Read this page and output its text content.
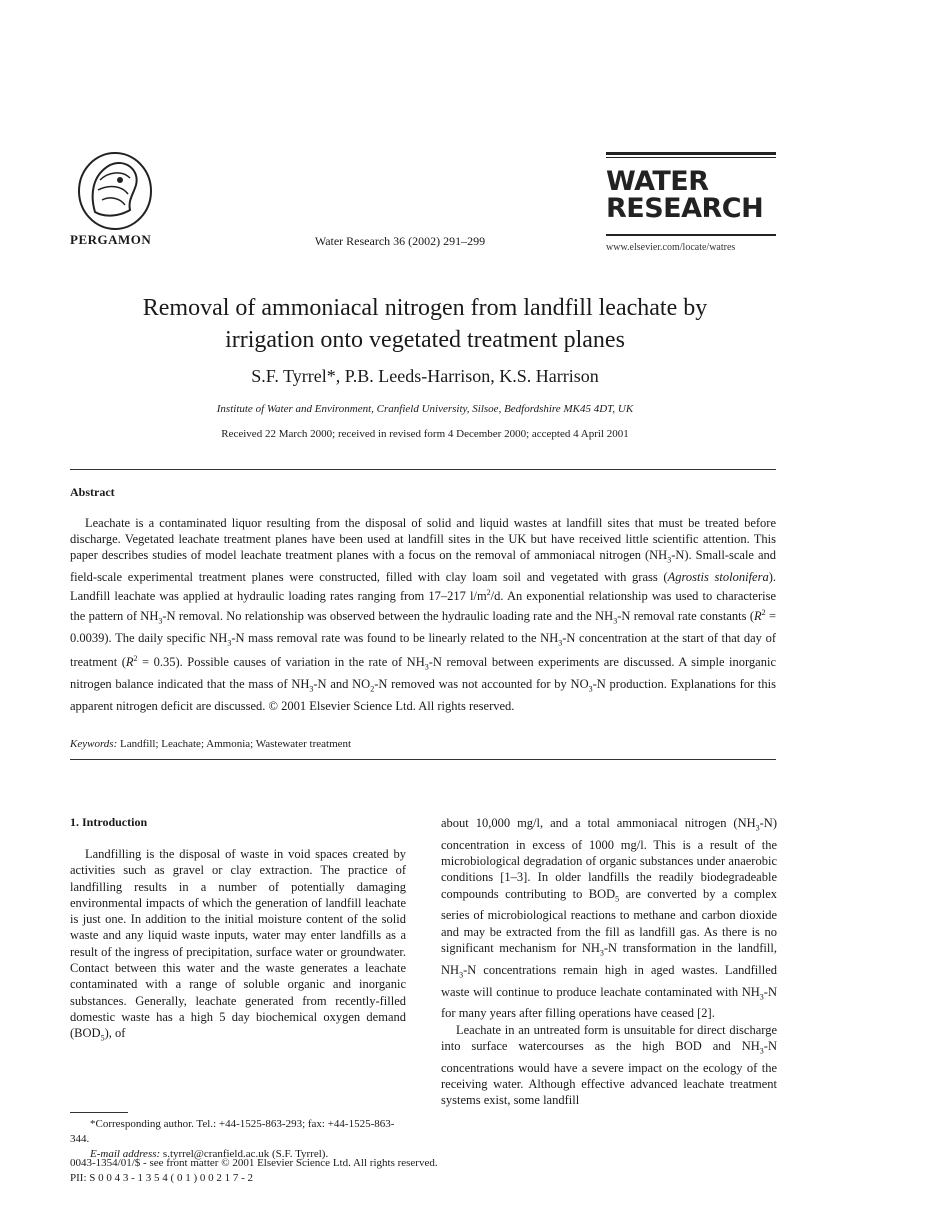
PERGAMON	Water Research 36 (2002) 291–299
WATER
RESEARCH
www.elsevier.com/locate/watres
Removal of ammoniacal nitrogen from landfill leachate by
irrigation onto vegetated treatment planes
S.F. Tyrrel*, P.B. Leeds-Harrison, K.S. Harrison
Institute of Water and Environment, Cranfield University, Silsoe, Bedfordshire MK45 4DT, UK
Received 22 March 2000; received in revised form 4 December 2000; accepted 4 April 2001
Abstract
Leachate is a contaminated liquor resulting from the disposal of solid and liquid wastes at landfill sites that must be treated before discharge. Vegetated leachate treatment planes have been used at landfill sites in the UK but have received little scientific attention. This paper describes studies of model leachate treatment planes with a focus on the removal of ammoniacal nitrogen $(NH_3-N)$. Small-scale and field-scale experimental treatment planes were constructed, filled with clay loam soil and vegetated with grass (Agrostis stolonifera). Landfill leachate was applied at hydraulic loading rates ranging from 17–217 $l/m^2/d$. An exponential relationship was used to characterise the pattern of $NH_3-N$ removal. No relationship was observed between the hydraulic loading rate and the $NH_3-N$ removal rate constants $(R^2 = 0.0039)$. The daily specific $NH_3-N$ mass removal rate was found to be linearly related to the $NH_3-N$ concentration at the start of that day of treatment $(R^2 = 0.35)$. Possible causes of variation in the rate of $NH_3-N$ removal between experiments are discussed. A simple inorganic nitrogen balance indicated that the mass of $NH_3-N$ and $NO_2-N$ removed was not accounted for by $NO_3-N$ production. Explanations for this apparent nitrogen deficit are discussed. © 2001 Elsevier Science Ltd. All rights reserved.
Keywords: Landfill; Leachate; Ammonia; Wastewater treatment
1. Introduction

Landfilling is the disposal of waste in void spaces created by activities such as gravel or clay extraction. The practice of landfilling results in a number of potentially damaging environmental impacts of which the generation of landfill leachate is just one. In addition to the initial moisture content of the solid waste and any liquid waste inputs, water may enter landfills as a result of the ingress of precipitation, surface water or groundwater. Contact between this water and the waste generates a leachate contaminated with a range of soluble organic and inorganic substances. Generally, leachate generated from recently-filled domestic waste has a high 5 day biochemical oxygen demand $(BOD_5)$, of

*Corresponding author. Tel.: +44-1525-863-293; fax: +44-1525-863-344.
E-mail address: s.tyrrel@cranfield.ac.uk (S.F. Tyrrel).

about 10,000 mg/l, and a total ammoniacal nitrogen $(NH_3-N)$ concentration in excess of 1000 mg/l. This is a result of the microbiological degradation of organic substances under anaerobic conditions [1–3]. In older landfills the readily biodegradeable compounds contributing to $BOD_5$ are converted by a complex series of microbiological reactions to methane and carbon dioxide and may be extracted from the fill as landfill gas. As there is no significant mechanism for $NH_3-N$ transformation in the landfill, $NH_3-N$ concentrations remain high in aged wastes. Landfilled waste will continue to produce leachate contaminated with $NH_3-N$ for many years after filling operations have ceased [2].

Leachate in an untreated form is unsuitable for direct discharge into surface watercourses as the high BOD and $NH_3-N$ concentrations would have a severe impact on the ecology of the receiving water. Although effective advanced leachate treatment systems exist, some landfill

0043-1354/01/$ - see front matter © 2001 Elsevier Science Ltd. All rights reserved.
PII: S 0 0 4 3 - 1 3 5 4 ( 0 1 ) 0 0 2 1 7 - 2
